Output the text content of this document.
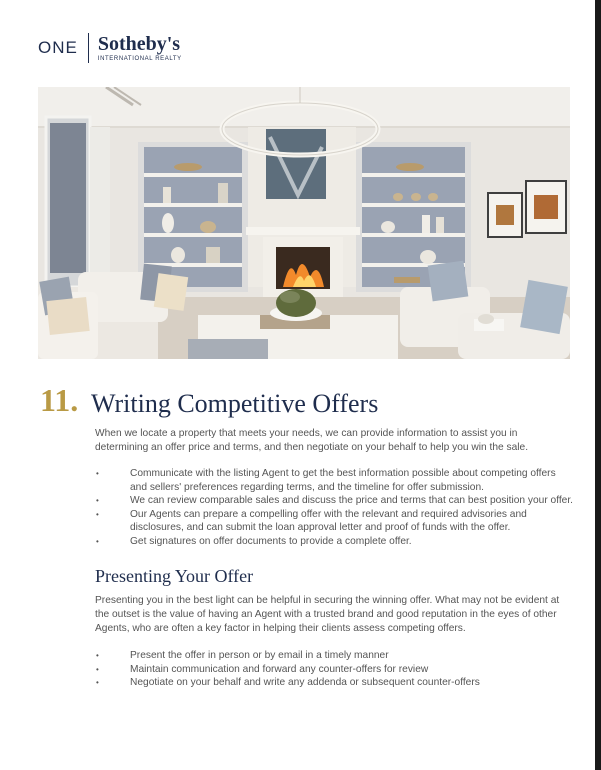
ONE Sotheby's
INTERNATIONAL REALTY
11. Writing Competitive Offers
When we locate a property that meets your needs, we can provide information to assist you in determining an offer price and terms, and then negotiate on your behalf to help you win the sale.
• Communicate with the listing Agent to get the best information possible about competing offers and sellers' preferences regarding terms, and the timeline for offer submission.
• We can review comparable sales and discuss the price and terms that can best position your offer.
• Our Agents can prepare a compelling offer with the relevant and required advisories and disclosures, and can submit the loan approval letter and proof of funds with the offer.
• Get signatures on offer documents to provide a complete offer.
Presenting Your Offer
Presenting you in the best light can be helpful in securing the winning offer. What may not be evident at the outset is the value of having an Agent with a trusted brand and good reputation in the eyes of other Agents, who are often a key factor in helping their clients assess competing offers.
• Present the offer in person or by email in a timely manner
• Maintain communication and forward any counter-offers for review
• Negotiate on your behalf and write any addenda or subsequent counter-offers
